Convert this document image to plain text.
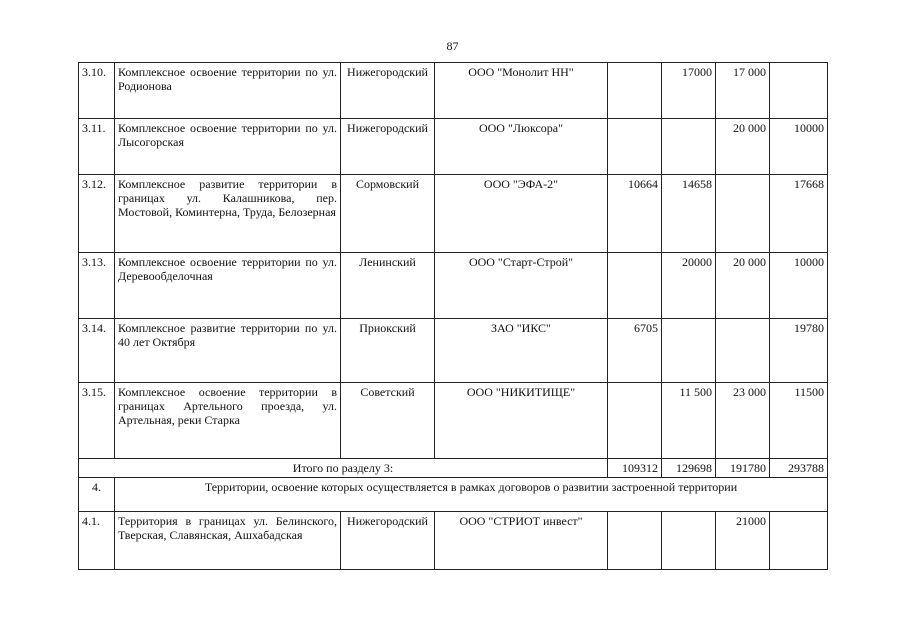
87
3.10.	Комплексное освоение территории по ул. Родионова	Нижегородский	ООО "Монолит НН"		17000	17 000	
3.11.	Комплексное освоение территории по ул. Лысогорская	Нижегородский	ООО "Люксора"			20 000	10000
3.12.	Комплексное развитие территории в границах ул. Калашникова, пер. Мостовой, Коминтерна, Труда, Белозерная	Сормовский	ООО "ЭФА-2"	10664	14658		17668
3.13.	Комплексное освоение территории по ул. Деревообделочная	Ленинский	ООО "Старт-Строй"		20000	20 000	10000
3.14.	Комплексное развитие территории по ул. 40 лет Октября	Приокский	ЗАО "ИКС"	6705			19780
3.15.	Комплексное освоение территории в границах Артельного проезда, ул. Артельная, реки Старка	Советский	ООО "НИКИТИЩЕ"		11 500	23 000	11500
Итого по разделу 3:				109312	129698	191780	293788
4.	Территории, освоение которых осуществляется в рамках договоров о развитии застроенной территории						
4.1.	Территория в границах ул. Белинского, Тверская, Славянская, Ашхабадская	Нижегородский	ООО "СТРИОТ инвест"			21000	
